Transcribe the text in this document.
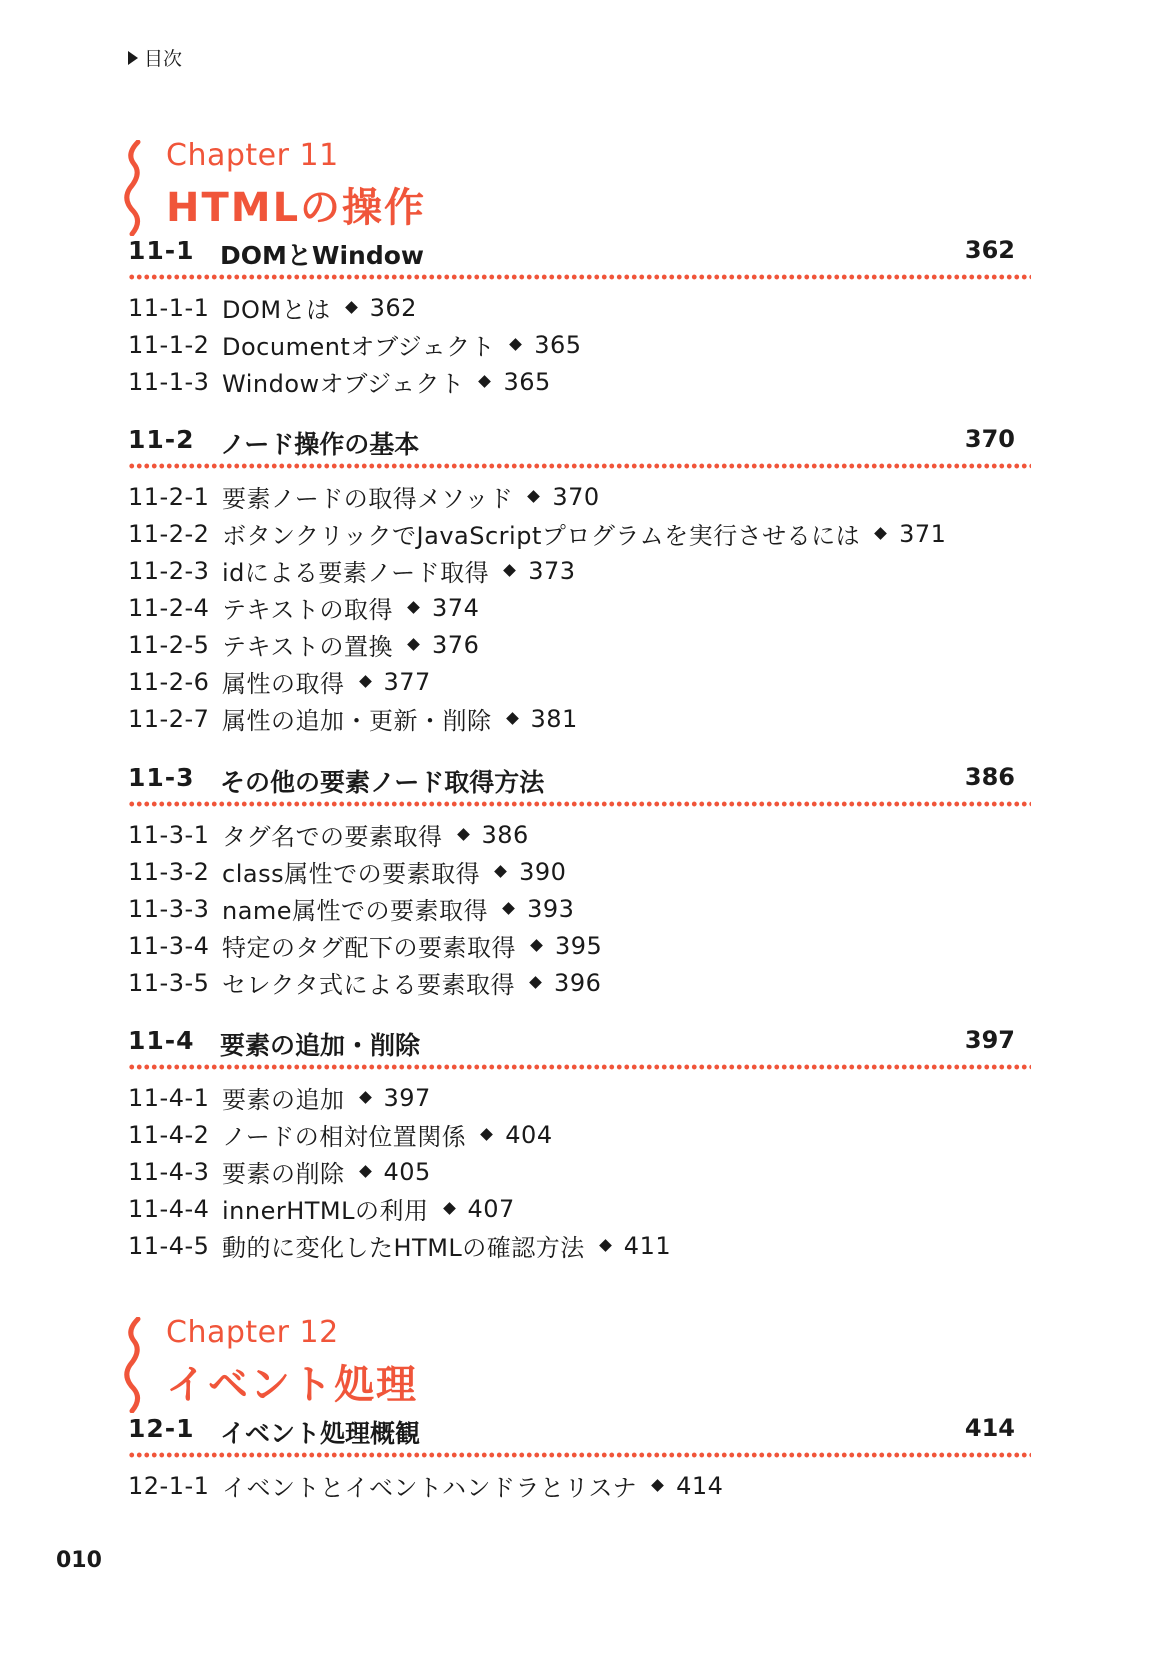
目次
Chapter 11
HTMLの操作
11-1 DOMとWindow	362
11-1-1 DOMとは 362
11-1-2 Documentオブジェクト 365
11-1-3 Windowオブジェクト 365
11-2 ノード操作の基本	370
11-2-1 要素ノードの取得メソッド 370
11-2-2 ボタンクリックでJavaScriptプログラムを実行させるには 371
11-2-3 idによる要素ノード取得 373
11-2-4 テキストの取得 374
11-2-5 テキストの置換 376
11-2-6 属性の取得 377
11-2-7 属性の追加・更新・削除 381
11-3 その他の要素ノード取得方法	386
11-3-1 タグ名での要素取得 386
11-3-2 class属性での要素取得 390
11-3-3 name属性での要素取得 393
11-3-4 特定のタグ配下の要素取得 395
11-3-5 セレクタ式による要素取得 396
11-4 要素の追加・削除	397
11-4-1 要素の追加 397
11-4-2 ノードの相対位置関係 404
11-4-3 要素の削除 405
11-4-4 innerHTMLの利用 407
11-4-5 動的に変化したHTMLの確認方法 411
Chapter 12
イベント処理
12-1 イベント処理概観	414
12-1-1 イベントとイベントハンドラとリスナ 414
010
